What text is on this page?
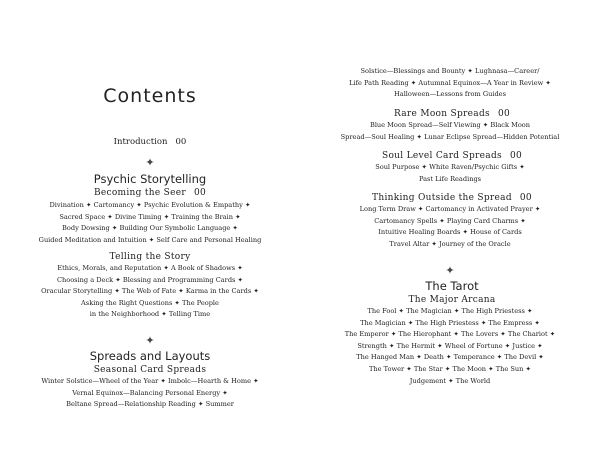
Contents
Introduction 00
✦
Psychic Storytelling
Becoming the Seer 00
Divination ✦ Cartomancy ✦ Psychic Evolution & Empathy ✦
Sacred Space ✦ Divine Timing ✦ Training the Brain ✦
Body Dowsing ✦ Building Our Symbolic Language ✦
Guided Meditation and Intuition ✦ Self Care and Personal Healing
Telling the Story
Ethics, Morals, and Reputation ✦ A Book of Shadows ✦
Choosing a Deck ✦ Blessing and Programming Cards ✦
Oracular Storytelling ✦ The Web of Fate ✦ Karma in the Cards ✦
Asking the Right Questions ✦ The People
in the Neighborhood ✦ Telling Time
✦
Spreads and Layouts
Seasonal Card Spreads
Winter Solstice—Wheel of the Year ✦ Imbolc—Hearth & Home ✦
Vernal Equinox—Balancing Personal Energy ✦
Beltane Spread—Relationship Reading ✦ Summer
Solstice—Blessings and Bounty ✦ Lughnasa—Career/
Life Path Reading ✦ Autumnal Equinox—A Year in Review ✦
Halloween—Lessons from Guides
Rare Moon Spreads 00
Blue Moon Spread—Self Viewing ✦ Black Moon
Spread—Soul Healing ✦ Lunar Eclipse Spread—Hidden Potential
Soul Level Card Spreads 00
Soul Purpose ✦ White Raven/Psychic Gifts ✦
Past Life Readings
Thinking Outside the Spread 00
Long Term Draw ✦ Cartomancy in Activated Prayer ✦
Cartomancy Spells ✦ Playing Card Charms ✦
Intuitive Healing Boards ✦ House of Cards
Travel Altar ✦ Journey of the Oracle
✦
The Tarot
The Major Arcana
The Fool ✦ The Magician ✦ The High Priestess ✦
The Magician ✦ The High Priestess ✦ The Empress ✦
The Emperor ✦ The Hierophant ✦ The Lovers ✦ The Chariot ✦
Strength ✦ The Hermit ✦ Wheel of Fortune ✦ Justice ✦
The Hanged Man ✦ Death ✦ Temperance ✦ The Devil ✦
The Tower ✦ The Star ✦ The Moon ✦ The Sun ✦
Judgement ✦ The World
